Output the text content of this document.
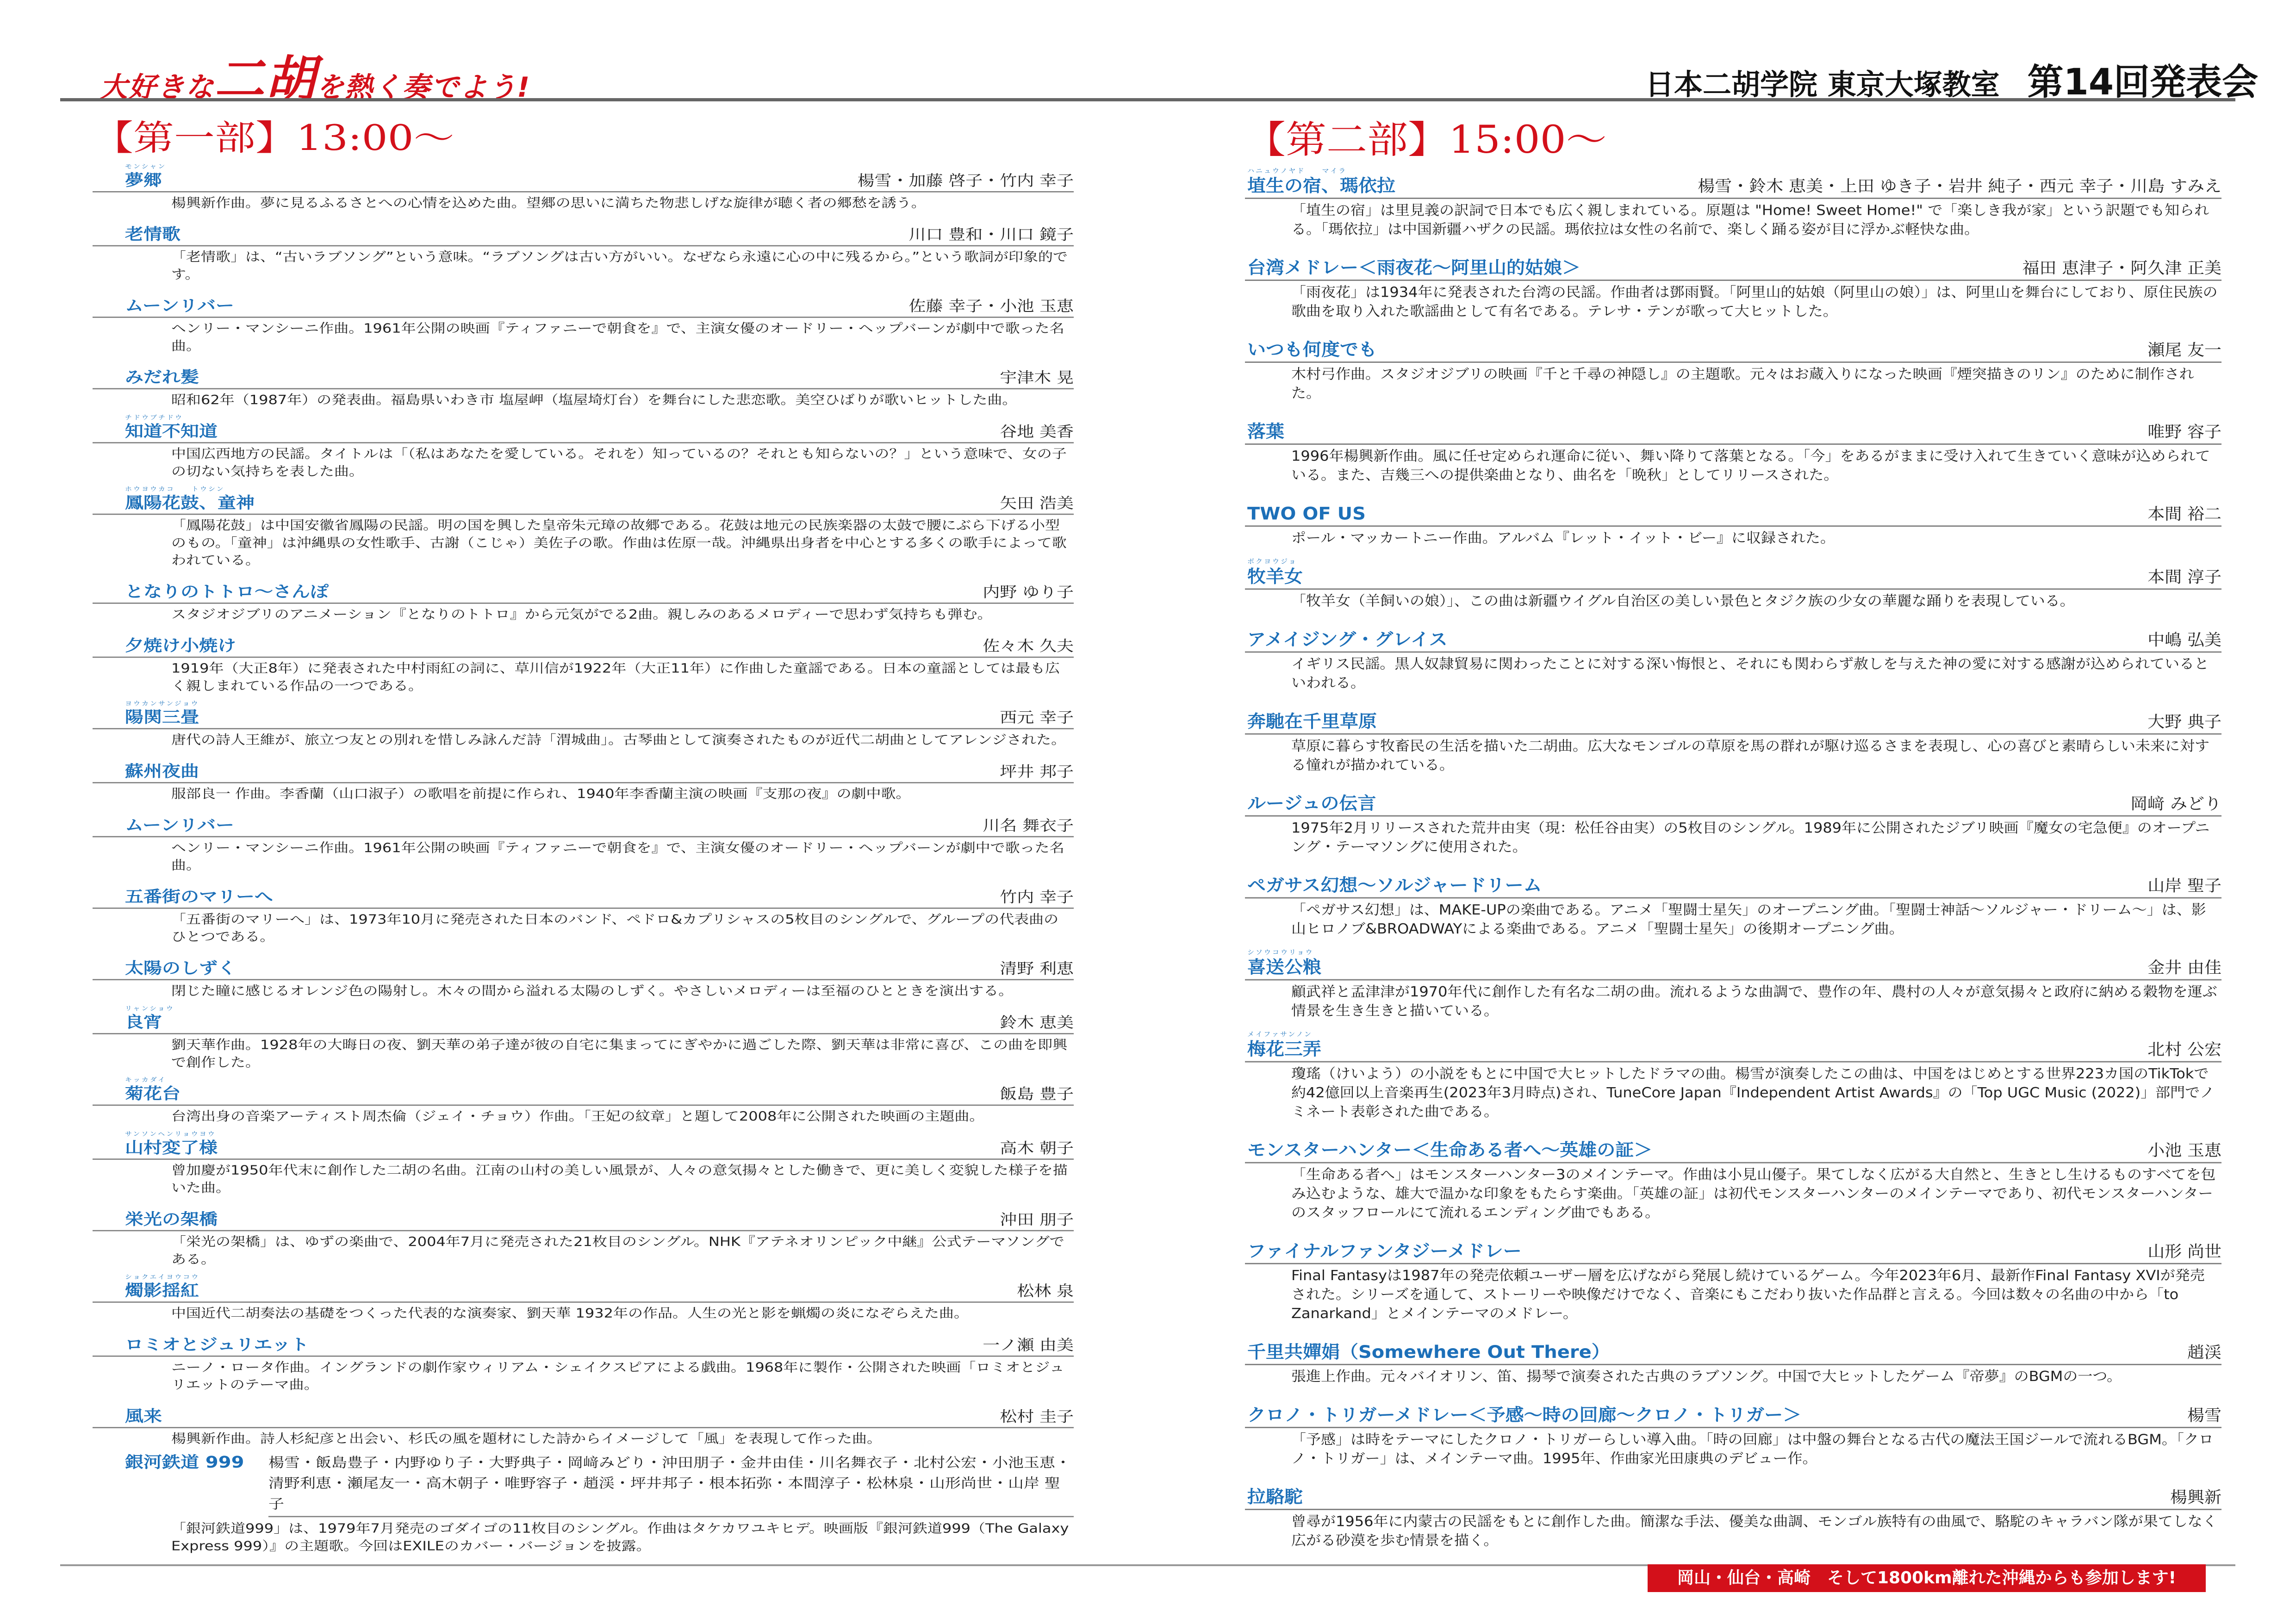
大好きな二胡を熱く奏でよう!	日本二胡学院 東京大塚教室 第14回発表会
【第一部】13:00～
モンシャン
夢郷	楊雪・加藤 啓子・竹内 幸子
楊興新作曲。夢に見るふるさとへの心情を込めた曲。望郷の思いに満ちた物悲しげな旋律が聴く者の郷愁を誘う。
老情歌	川口 豊和・川口 鏡子
「老情歌」は、“古いラブソング”という意味。“ラブソングは古い方がいい。なぜなら永遠に心の中に残るから。”という歌詞が印象的です。
ムーンリバー	佐藤 幸子・小池 玉恵
ヘンリー・マンシーニ作曲。1961年公開の映画『ティファニーで朝食を』で、主演女優のオードリー・ヘップバーンが劇中で歌った名曲。
みだれ髪	宇津木 晃
昭和62年（1987年）の発表曲。福島県いわき市 塩屋岬（塩屋埼灯台）を舞台にした悲恋歌。美空ひばりが歌いヒットした曲。
チドウブチドウ
知道不知道	谷地 美香
中国広西地方の民謡。タイトルは「（私はあなたを愛している。それを）知っているの？それとも知らないの？」という意味で、女の子の切ない気持ちを表した曲。
ホウヨウカコ　　トウシン
鳳陽花鼓、童神	矢田 浩美
「鳳陽花鼓」は中国安徽省鳳陽の民謡。明の国を興した皇帝朱元璋の故郷である。花鼓は地元の民族楽器の太鼓で腰にぶら下げる小型のもの。「童神」は沖縄県の女性歌手、古謝（こじゃ）美佐子の歌。作曲は佐原一哉。沖縄県出身者を中心とする多くの歌手によって歌われている。
となりのトトロ～さんぽ	内野 ゆり子
スタジオジブリのアニメーション『となりのトトロ』から元気がでる2曲。親しみのあるメロディーで思わず気持ちも弾む。
夕焼け小焼け	佐々木 久夫
1919年（大正8年）に発表された中村雨紅の詞に、草川信が1922年（大正11年）に作曲した童謡である。日本の童謡としては最も広く親しまれている作品の一つである。
ヨウカンサンジョウ
陽関三畳	西元 幸子
唐代の詩人王維が、旅立つ友との別れを惜しみ詠んだ詩「渭城曲」。古琴曲として演奏されたものが近代二胡曲としてアレンジされた。
蘇州夜曲	坪井 邦子
服部良一 作曲。李香蘭（山口淑子）の歌唱を前提に作られ、1940年李香蘭主演の映画『支那の夜』の劇中歌。
ムーンリバー	川名 舞衣子
ヘンリー・マンシーニ作曲。1961年公開の映画『ティファニーで朝食を』で、主演女優のオードリー・ヘップバーンが劇中で歌った名曲。
五番街のマリーへ	竹内 幸子
「五番街のマリーへ」は、1973年10月に発売された日本のバンド、ペドロ&カプリシャスの5枚目のシングルで、グループの代表曲のひとつである。
太陽のしずく	清野 利恵
閉じた瞳に感じるオレンジ色の陽射し。木々の間から溢れる太陽のしずく。やさしいメロディーは至福のひとときを演出する。
リャンショウ
良宵	鈴木 恵美
劉天華作曲。1928年の大晦日の夜、劉天華の弟子達が彼の自宅に集まってにぎやかに過ごした際、劉天華は非常に喜び、この曲を即興で創作した。
キッカダイ
菊花台	飯島 豊子
台湾出身の音楽アーティスト周杰倫（ジェイ・チョウ）作曲。「王妃の紋章」と題して2008年に公開された映画の主題曲。
サンソンヘンリョウヨウ
山村変了様	高木 朝子
曾加慶が1950年代末に創作した二胡の名曲。江南の山村の美しい風景が、人々の意気揚々とした働きで、更に美しく変貌した様子を描いた曲。
栄光の架橋	沖田 朋子
「栄光の架橋」は、ゆずの楽曲で、2004年7月に発売された21枚目のシングル。NHK『アテネオリンピック中継』公式テーマソングである。
ショクエイヨウコウ
燭影揺紅	松林 泉
中国近代二胡奏法の基礎をつくった代表的な演奏家、劉天華 1932年の作品。人生の光と影を蝋燭の炎になぞらえた曲。
ロミオとジュリエット	一ノ瀬 由美
ニーノ・ロータ作曲。イングランドの劇作家ウィリアム・シェイクスピアによる戯曲。1968年に製作・公開された映画「ロミオとジュリエットのテーマ曲。
風来	松村 圭子
楊興新作曲。詩人杉紀彦と出会い、杉氏の風を題材にした詩からイメージして「風」を表現して作った曲。
銀河鉄道 999	楊雪・飯島豊子・内野ゆり子・大野典子・岡﨑みどり・沖田朋子・金井由佳・川名舞衣子・北村公宏・小池玉恵・清野利恵・瀬尾友一・高木朝子・唯野容子・趙渓・坪井邦子・根本拓弥・本間淳子・松林泉・山形尚世・山岸 聖子
「銀河鉄道999」は、1979年7月発売のゴダイゴの11枚目のシングル。作曲はタケカワユキヒデ。映画版『銀河鉄道999（The Galaxy Express 999）』の主題歌。今回はEXILEのカバー・バージョンを披露。
【第二部】15:00～
ハニュウノヤド　　マイラ
埴生の宿、瑪依拉	楊雪・鈴木 恵美・上田 ゆき子・岩井 純子・西元 幸子・川島 すみえ
「埴生の宿」は里見義の訳詞で日本でも広く親しまれている。原題は "Home! Sweet Home!" で「楽しき我が家」という訳題でも知られる。「瑪依拉」は中国新疆ハザクの民謡。瑪依拉は女性の名前で、楽しく踊る姿が目に浮かぶ軽快な曲。
台湾メドレー＜雨夜花～阿里山的姑娘＞	福田 恵津子・阿久津 正美
「雨夜花」は1934年に発表された台湾の民謡。作曲者は鄧雨賢。「阿里山的姑娘（阿里山の娘）」は、阿里山を舞台にしており、原住民族の歌曲を取り入れた歌謡曲として有名である。テレサ・テンが歌って大ヒットした。
いつも何度でも	瀬尾 友一
木村弓作曲。スタジオジブリの映画『千と千尋の神隠し』の主題歌。元々はお蔵入りになった映画『煙突描きのリン』のために制作された。
落葉	唯野 容子
1996年楊興新作曲。風に任せ定められ運命に従い、舞い降りて落葉となる。「今」をあるがままに受け入れて生きていく意味が込められている。また、吉幾三への提供楽曲となり、曲名を「晩秋」としてリリースされた。
TWO OF US	本間 裕二
ポール・マッカートニー作曲。アルバム『レット・イット・ビー』に収録された。
ボクヨウジョ
牧羊女	本間 淳子
「牧羊女（羊飼いの娘）」、この曲は新疆ウイグル自治区の美しい景色とタジク族の少女の華麗な踊りを表現している。
アメイジング・グレイス	中嶋 弘美
イギリス民謡。黒人奴隷貿易に関わったことに対する深い悔恨と、それにも関わらず赦しを与えた神の愛に対する感謝が込められているといわれる。
奔馳在千里草原	大野 典子
草原に暮らす牧畜民の生活を描いた二胡曲。広大なモンゴルの草原を馬の群れが駆け巡るさまを表現し、心の喜びと素晴らしい未来に対する憧れが描かれている。
ルージュの伝言	岡﨑 みどり
1975年2月リリースされた荒井由実（現：松任谷由実）の5枚目のシングル。1989年に公開されたジブリ映画『魔女の宅急便』のオープニング・テーマソングに使用された。
ペガサス幻想～ソルジャードリーム	山岸 聖子
「ペガサス幻想」は、MAKE-UPの楽曲である。アニメ「聖闘士星矢」のオープニング曲。「聖闘士神話～ソルジャー・ドリーム～」は、影山ヒロノブ&BROADWAYによる楽曲である。アニメ「聖闘士星矢」の後期オープニング曲。
シソウコウリョウ
喜送公粮	金井 由佳
顧武祥と孟津津が1970年代に創作した有名な二胡の曲。流れるような曲調で、豊作の年、農村の人々が意気揚々と政府に納める穀物を運ぶ情景を生き生きと描いている。
メイファサンノン
梅花三弄	北村 公宏
瓊瑤（けいよう）の小説をもとに中国で大ヒットしたドラマの曲。楊雪が演奏したこの曲は、中国をはじめとする世界223カ国のTikTokで約42億回以上音楽再生(2023年3月時点)され、TuneCore Japan『Independent Artist Awards』の「Top UGC Music (2022)」部門でノミネート表彰された曲である。
モンスターハンター＜生命ある者へ～英雄の証＞	小池 玉恵
「生命ある者へ」はモンスターハンター3のメインテーマ。作曲は小見山優子。果てしなく広がる大自然と、生きとし生けるものすべてを包み込むような、雄大で温かな印象をもたらす楽曲。「英雄の証」は初代モンスターハンターのメインテーマであり、初代モンスターハンターのスタッフロールにて流れるエンディング曲でもある。
ファイナルファンタジーメドレー	山形 尚世
Final Fantasyは1987年の発売依頼ユーザー層を広げながら発展し続けているゲーム。今年2023年6月、最新作Final Fantasy XVIが発売された。シリーズを通して、ストーリーや映像だけでなく、音楽にもこだわり抜いた作品群と言える。今回は数々の名曲の中から「to Zanarkand」とメインテーマのメドレー。
千里共嬋娟（Somewhere Out There）	趙渓
張進上作曲。元々バイオリン、笛、揚琴で演奏された古典のラブソング。中国で大ヒットしたゲーム『帝夢』のBGMの一つ。
クロノ・トリガーメドレー＜予感～時の回廊～クロノ・トリガー＞	楊雪
「予感」は時をテーマにしたクロノ・トリガーらしい導入曲。「時の回廊」は中盤の舞台となる古代の魔法王国ジールで流れるBGM。「クロノ・トリガー」は、メインテーマ曲。1995年、作曲家光田康典のデビュー作。
拉駱駝	楊興新
曾尋が1956年に内蒙古の民謡をもとに創作した曲。簡潔な手法、優美な曲調、モンゴル族特有の曲風で、駱駝のキャラバン隊が果てしなく広がる砂漠を歩む情景を描く。
岡山・仙台・高崎　そして1800km離れた沖縄からも参加します!
